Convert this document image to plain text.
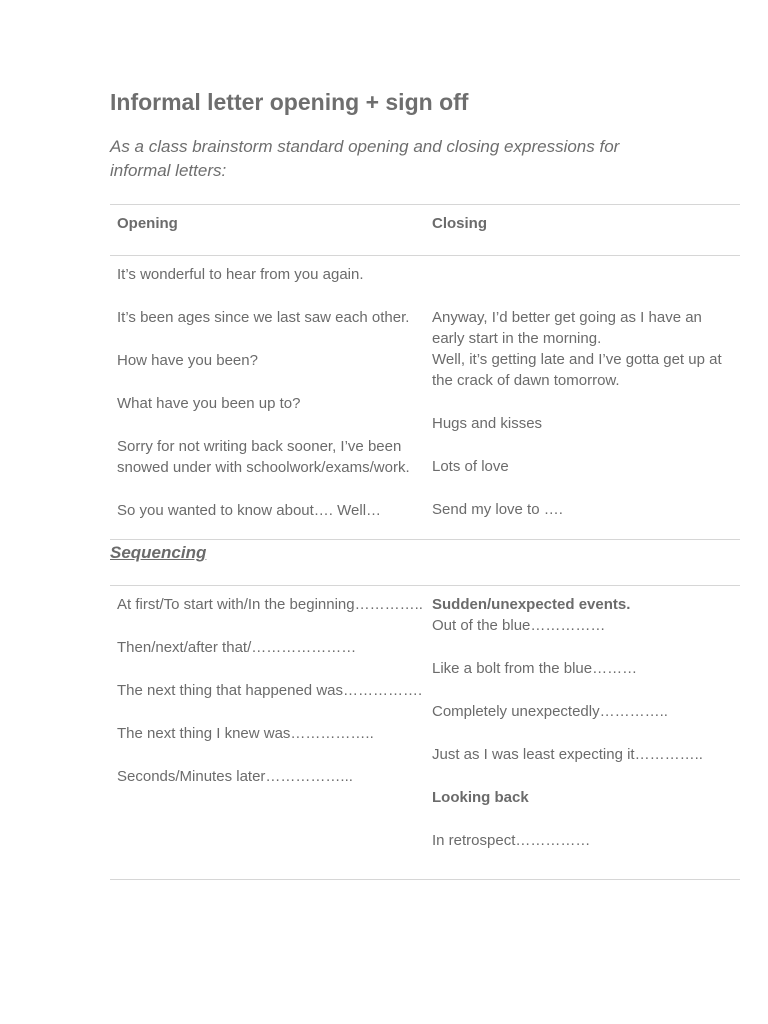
Informal letter opening + sign off
As a class brainstorm standard opening and closing expressions for informal letters:
Opening	Closing

It’s wonderful to hear from you again.

It’s been ages since we last saw each other.

How have you been?

What have you been up to?

Sorry for not writing back sooner, I’ve been snowed under with schoolwork/exams/work.

So you wanted to know about…. Well…

Anyway, I’d better get going as I have an early start in the morning.

Well, it’s getting late and I’ve gotta get up at the crack of dawn tomorrow.

Hugs and kisses

Lots of love

Send my love to ….

Sequencing

At first/To start with/In the beginning…………..

Then/next/after that/…………………

The next thing that happened was…………….

The next thing I knew was……………..

Seconds/Minutes later……………...

Sudden/unexpected events.

Out of the blue……………

Like a bolt from the blue………

Completely unexpectedly…………..

Just as I was least expecting it…………..

Looking back

In retrospect……………
